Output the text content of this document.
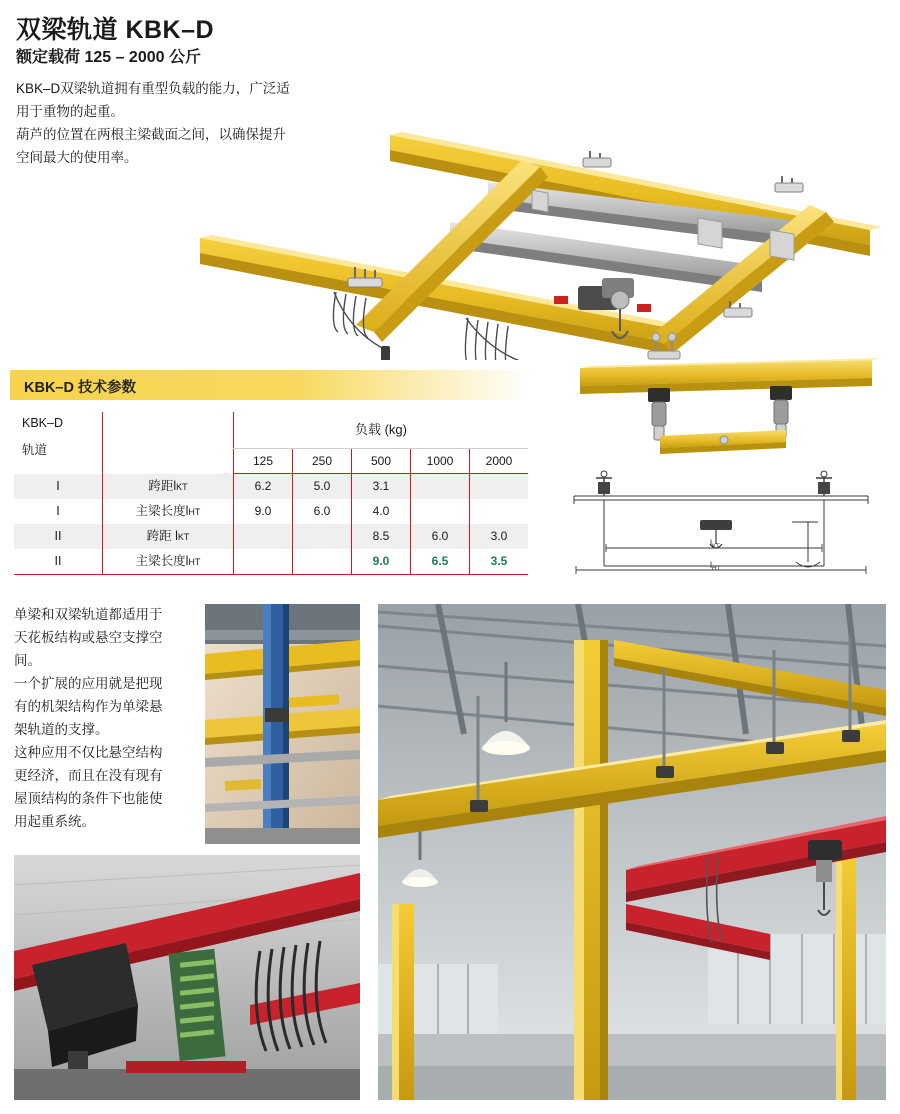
双梁轨道 KBK–D
额定载荷 125 – 2000 公斤

KBK–D双梁轨道拥有重型负载的能力，广泛适

用于重物的起重。

葫芦的位置在两根主梁截面之间，以确保提升

空间最大的使用率。

KBK–D 技术参数
KBK–D
轨道		负载 (kg)				
		125	250	500	1000	2000
I	跨距lKT	6.2	5.0	3.1		
I	主梁长度lHT	9.0	6.0	4.0		
II	跨距 lKT			8.5	6.0	3.0
II	主梁长度lHT			9.0	6.5	3.5
$l_{KT}$
$l_{HT}$

单梁和双梁轨道都适用于

天花板结构或悬空支撑空

间。

一个扩展的应用就是把现

有的机架结构作为单梁悬

架轨道的支撑。

这种应用不仅比悬空结构

更经济，而且在没有现有

屋顶结构的条件下也能使

用起重系统。
